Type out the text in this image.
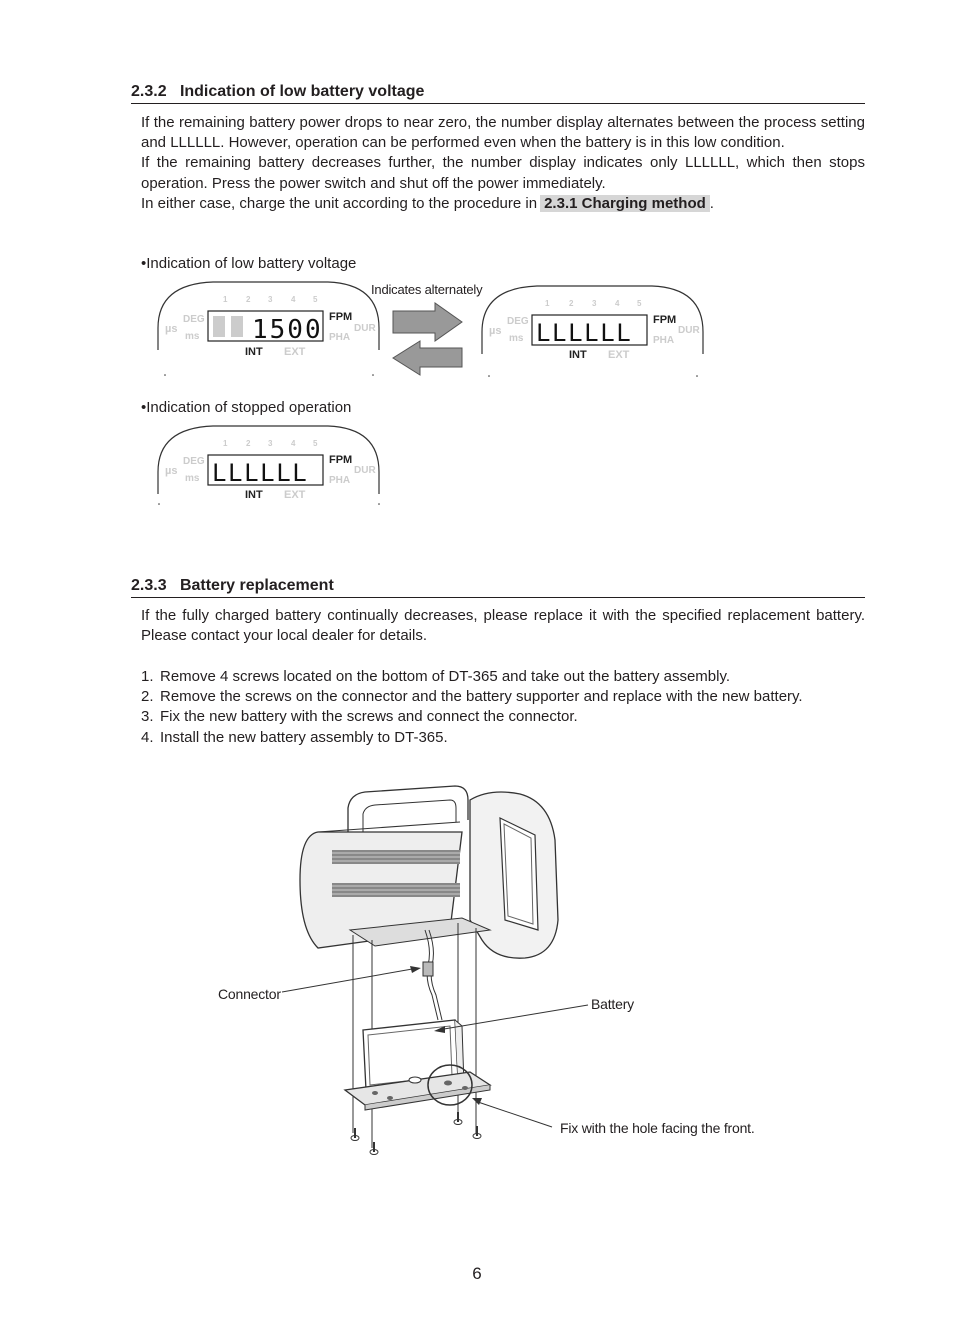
2.3.2 Indication of low battery voltage

If the remaining battery power drops to near zero, the number display alternates between the process setting and LLLLLL. However, operation can be performed even when the battery is in this low condition.

If the remaining battery decreases further, the number display indicates only LLLLLL, which then stops operation. Press the power switch and shut off the power immediately.

In either case, charge the unit according to the procedure in 2.3.1 Charging method .

•Indication of low battery voltage
Indicates alternately
1 2 3 4 5
DEG
µs
ms
FPM
PHA
DUR
INT EXT
1500
1 2 3 4 5
DEG
µs
ms
FPM
PHA
DUR
INT EXT
LLLLLL
•Indication of stopped operation
1 2 3 4 5
DEG
µs
ms
FPM
PHA
DUR
INT EXT
LLLLLL
2.3.3 Battery replacement
If the fully charged battery continually decreases, please replace it with the specified replacement battery. Please contact your local dealer for details.
1. Remove 4 screws located on the bottom of DT-365 and take out the battery assembly.
2. Remove the screws on the connector and the battery supporter and replace with the new battery.
3. Fix the new battery with the screws and connect the connector.
4. Install the new battery assembly to DT-365.
Connector
Battery
Fix with the hole facing the front.
6
